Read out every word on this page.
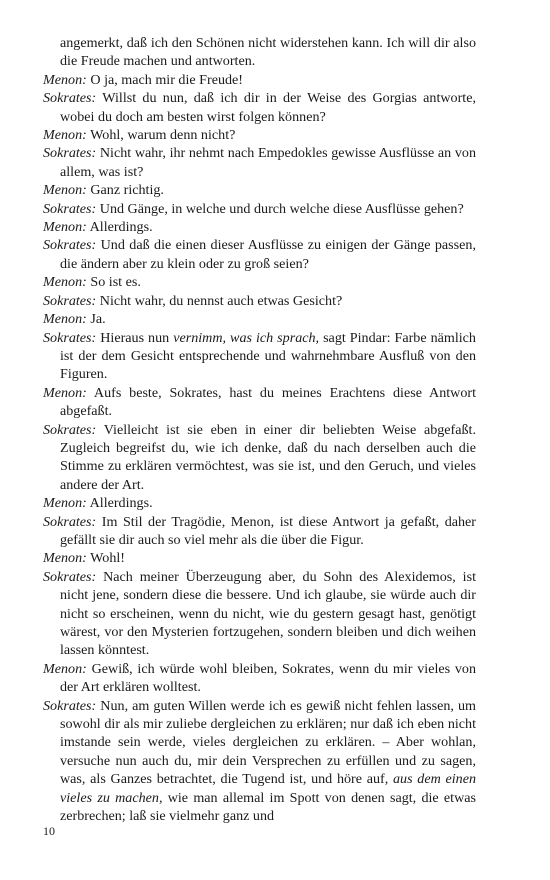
angemerkt, daß ich den Schönen nicht widerstehen kann. Ich will dir also die Freude machen und antworten.

Menon: O ja, mach mir die Freude!

Sokrates: Willst du nun, daß ich dir in der Weise des Gorgias antworte, wobei du doch am besten wirst folgen können?

Menon: Wohl, warum denn nicht?

Sokrates: Nicht wahr, ihr nehmt nach Empedokles gewisse Ausflüsse an von allem, was ist?

Menon: Ganz richtig.

Sokrates: Und Gänge, in welche und durch welche diese Ausflüsse gehen?

Menon: Allerdings.

Sokrates: Und daß die einen dieser Ausflüsse zu einigen der Gänge passen, die ändern aber zu klein oder zu groß seien?

Menon: So ist es.

Sokrates: Nicht wahr, du nennst auch etwas Gesicht?

Menon: Ja.

Sokrates: Hieraus nun vernimm, was ich sprach, sagt Pindar: Farbe nämlich ist der dem Gesicht entsprechende und wahrnehmbare Ausfluß von den Figuren.

Menon: Aufs beste, Sokrates, hast du meines Erachtens diese Antwort abgefaßt.

Sokrates: Vielleicht ist sie eben in einer dir beliebten Weise abgefaßt. Zugleich begreifst du, wie ich denke, daß du nach derselben auch die Stimme zu erklären vermöchtest, was sie ist, und den Geruch, und vieles andere der Art.

Menon: Allerdings.

Sokrates: Im Stil der Tragödie, Menon, ist diese Antwort ja gefaßt, daher gefällt sie dir auch so viel mehr als die über die Figur.

Menon: Wohl!

Sokrates: Nach meiner Überzeugung aber, du Sohn des Alexidemos, ist nicht jene, sondern diese die bessere. Und ich glaube, sie würde auch dir nicht so erscheinen, wenn du nicht, wie du gestern gesagt hast, genötigt wärest, vor den Mysterien fortzugehen, sondern bleiben und dich weihen lassen könntest.

Menon: Gewiß, ich würde wohl bleiben, Sokrates, wenn du mir vieles von der Art erklären wolltest.

Sokrates: Nun, am guten Willen werde ich es gewiß nicht fehlen lassen, um sowohl dir als mir zuliebe dergleichen zu erklären; nur daß ich eben nicht imstande sein werde, vieles dergleichen zu erklären. – Aber wohlan, versuche nun auch du, mir dein Versprechen zu erfüllen und zu sagen, was, als Ganzes betrachtet, die Tugend ist, und höre auf, aus dem einen vieles zu machen, wie man allemal im Spott von denen sagt, die etwas zerbrechen; laß sie vielmehr ganz und

10
